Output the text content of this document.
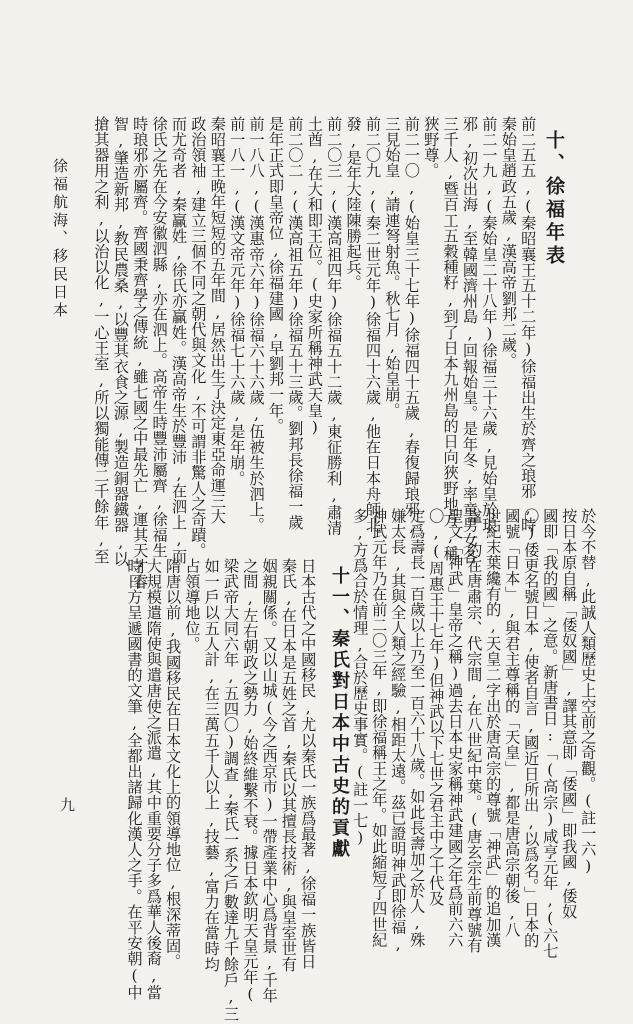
徐福航海、移民日本
九
十、徐福年表
前二五五,(秦昭襄王五十二年)徐福出生於齊之琅邪,時
秦始皇趙政五歲,漢高帝劉邦二歲。
前二一九,(秦始皇二十八年)徐福三十六歲,見始皇於琅
邪,初次出海,至韓國濟州島,回報始皇。是年冬,率童男女各
三千人,暨百工五穀種籽,到了日本九州島的日向狹野地方,稱
狹野尊。
前二一〇,(始皇三十七年)徐福四十五歲,春復歸琅邪,
三見始皇,請連弩射魚。秋七月,始皇崩。
前二〇九,(秦二世元年)徐福四十六歲,他在日本舟師北
發,是年大陸陳勝起兵。
前二〇三,(漢高祖四年)徐福五十二歲,東征勝利,肅清
土酋,在大和即王位。(史家所稱神武天皇)
前二〇二,(漢高祖五年)徐福五十三歲。劉邦長徐福一歲
是年正式即皇帝位,徐福建國,早劉邦一年。
前一八八,(漢惠帝六年)徐福六十六歲,伍被生於泗上。
前一八一,(漢文帝元年)徐福七十六歲,是年崩。
秦昭襄王晚年短短的五年間,居然出生了決定東亞命運三大
政治領袖,建立三個不同之朝代與文化,不可謂非驚人之奇蹟。
而尤奇者,秦贏姓,徐氏亦贏姓。漢高帝生於豐沛,在泗上,而
徐氏之先在今安徽泗縣,亦在泗上。高帝生時豐沛屬齊,徐福生
時琅邪亦屬齊。齊國秉齊學之傳統,雖七國之中最先亡,運其天才睿
智,肇造新邦,教民農桑,以豐其衣食之源,製造銅器鐵器,以
搶其器用之利,以治以化,一心王室,所以獨能傳二千餘年,至
於今不替,此誠人類歷史上空前之奇觀。(註一六)
按日本原自稱「倭奴國」,譯其意即「倭國」即我國,倭奴
國即「我的國」之意。新唐書日:「(高宗)咸亨元年,(六七
〇)倭更名號日本,使者自言,國近日所出,以爲名。」日本的
國號「日本」,與君主尊稱的「天皇」,都是唐高宗朝後,八
世紀末葉纔有的,天皇二字出於唐高宗的尊號「神武」的追加漢
諡,約在唐肅宗、代宗間,在八世紀中葉。(唐玄宗生前尊號有
聖文「神武」皇帝之稱)過去日本史家稱神武建國之年爲前六六
〇,(周惠王十七年)但神武以下七世之君主中之十代及
定爲壽長一百歲以上乃至一百六十八歲。如此長壽加之於人,殊
嫌太長,其與全人類之經驗,相距太遠。茲已證明神武即徐福,
神武元年乃在前二〇三年,即徐福稱王之年。如此縮短了四世紀
多,方爲合於情理,合於歷史事實。(註一七)
十一、秦氏對日本中古史的貢獻
日本古代之中國移民,尤以秦氏一族爲最著,徐福一族皆日
秦氏,在日本是五姓之首,秦氏以其擅長技術,與皇室世有
姻親關係。又以山城(今之西京市)一帶產業中心爲背景,千年
之間,左右朝政之勢力,始終維繫不衰。據日本欽明天皇元年(
梁武帝大同六年,五四〇)調查,秦氏一系之戶數達九千餘戶,三
如一戶以五人計,在三萬五千人以上,技藝,富力在當時均
占領導地位。
隋唐以前,我國移民在日本文化上的領導地位,根深蒂固。
大規模遣隋使與遣唐使之派遣,其中重要分子多爲華人後裔,當
時日方呈遞國書的文筆,全都出諸歸化漢人之手。在平安朝(中
